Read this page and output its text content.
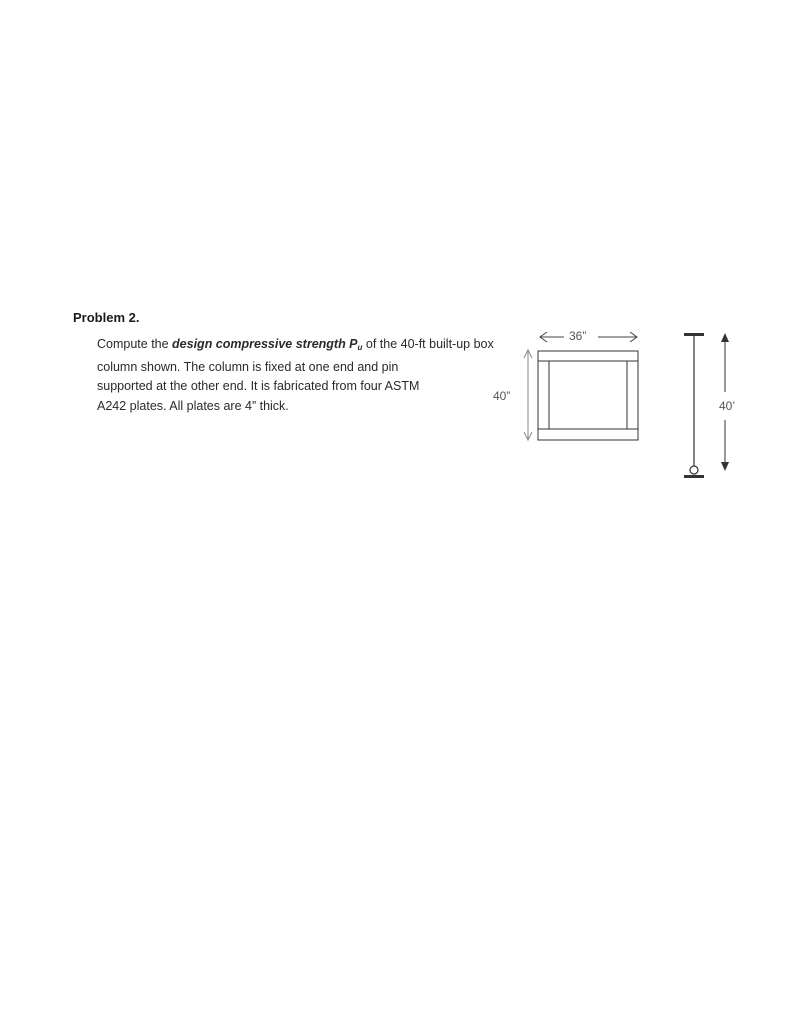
Problem 2.
Compute the design compressive strength $P_u$ of the 40-ft built-up box
column shown. The column is fixed at one end and pin
supported at the other end. It is fabricated from four ASTM
A242 plates. All plates are 4” thick.
36”
40”
40’
